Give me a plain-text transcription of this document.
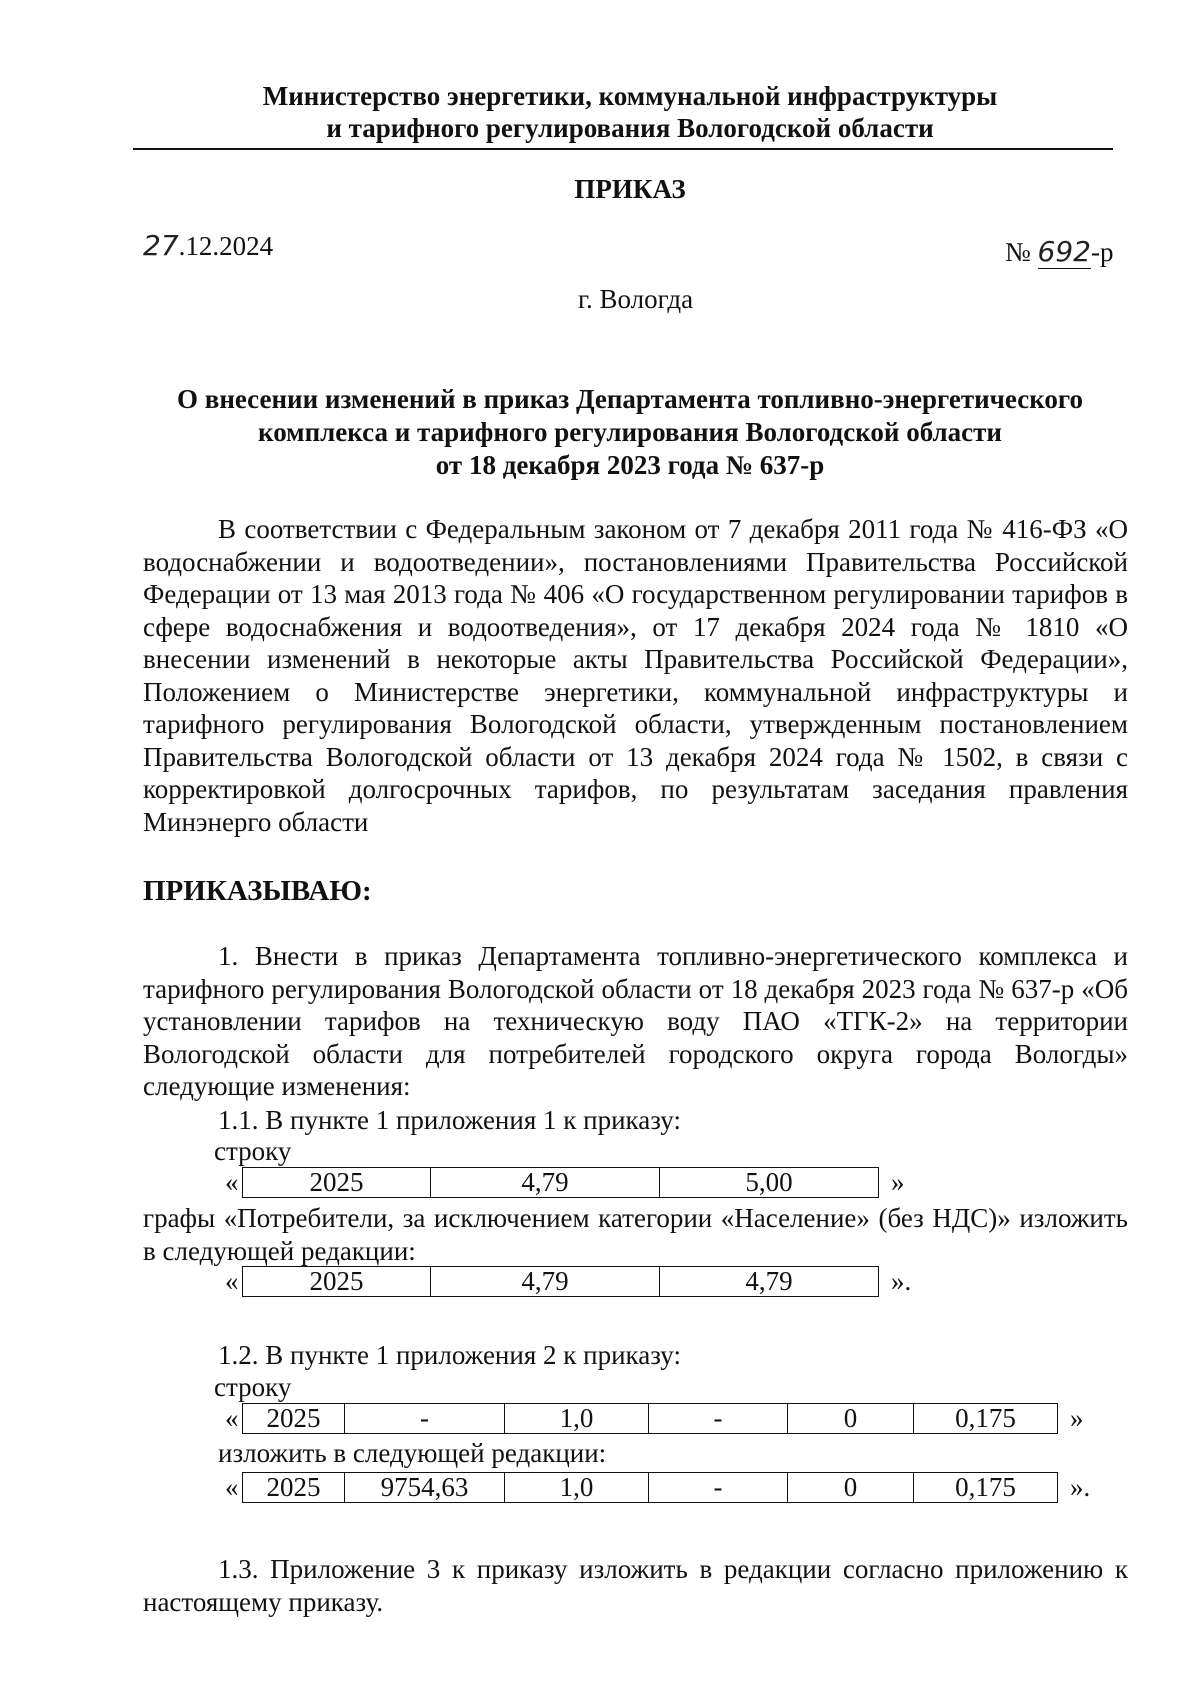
Министерство энергетики, коммунальной инфраструктуры
и тарифного регулирования Вологодской области
ПРИКАЗ
27.12.2024	№ 692-р
г. Вологда
О внесении изменений в приказ Департамента топливно-энергетического
комплекса и тарифного регулирования Вологодской области
от 18 декабря 2023 года № 637-р
В соответствии с Федеральным законом от 7 декабря 2011 года № 416-ФЗ «О водоснабжении и водоотведении», постановлениями Правительства Российской Федерации от 13 мая 2013 года № 406 «О государственном регулировании тарифов в сфере водоснабжения и водоотведения», от 17 декабря 2024 года № 1810 «О внесении изменений в некоторые акты Правительства Российской Федерации», Положением о Министерстве энергетики, коммунальной инфраструктуры и тарифного регулирования Вологодской области, утвержденным постановлением Правительства Вологодской области от 13 декабря 2024 года № 1502, в связи с корректировкой долгосрочных тарифов, по результатам заседания правления Минэнерго области
ПРИКАЗЫВАЮ:
1. Внести в приказ Департамента топливно-энергетического комплекса и тарифного регулирования Вологодской области от 18 декабря 2023 года № 637-р «Об установлении тарифов на техническую воду ПАО «ТГК-2» на территории Вологодской области для потребителей городского округа города Вологды» следующие изменения:
1.1. В пункте 1 приложения 1 к приказу:
строку
«	2025	4,79	5,00	»
графы «Потребители, за исключением категории «Население» (без НДС)» изложить в следующей редакции:
«	2025	4,79	4,79	».
1.2. В пункте 1 приложения 2 к приказу:
строку
« 2025	-	1,0	-	0	0,175 »
изложить в следующей редакции:
« 2025	9754,63	1,0	-	0	0,175 ».
1.3. Приложение 3 к приказу изложить в редакции согласно приложению к настоящему приказу.
